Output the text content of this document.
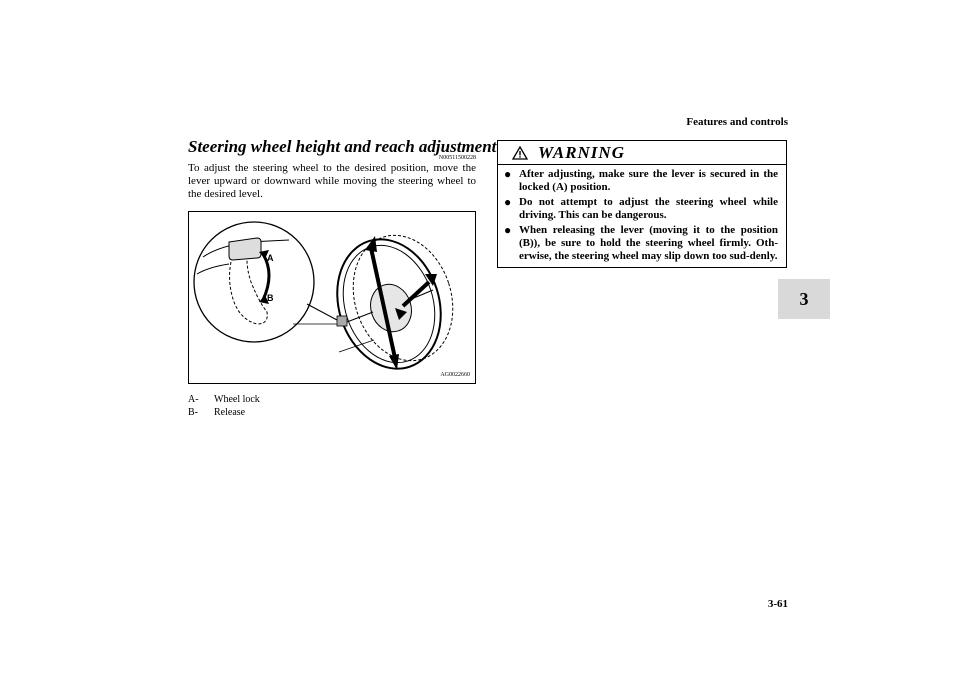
Features and controls
3
Steering wheel height and reach adjustment
N00511500228
To adjust the steering wheel to the desired position, move the lever upward or downward while moving the steering wheel to the desired level.
A
B
AG0022660
A-	Wheel lock
B-	Release
WARNING
● After adjusting, make sure the lever is secured in the locked (A) position.
● Do not attempt to adjust the steering wheel while driving. This can be dangerous.
● When releasing the lever (moving it to the position (B)), be sure to hold the steering wheel firmly. Oth-erwise, the steering wheel may slip down too sud-denly.
3-61
